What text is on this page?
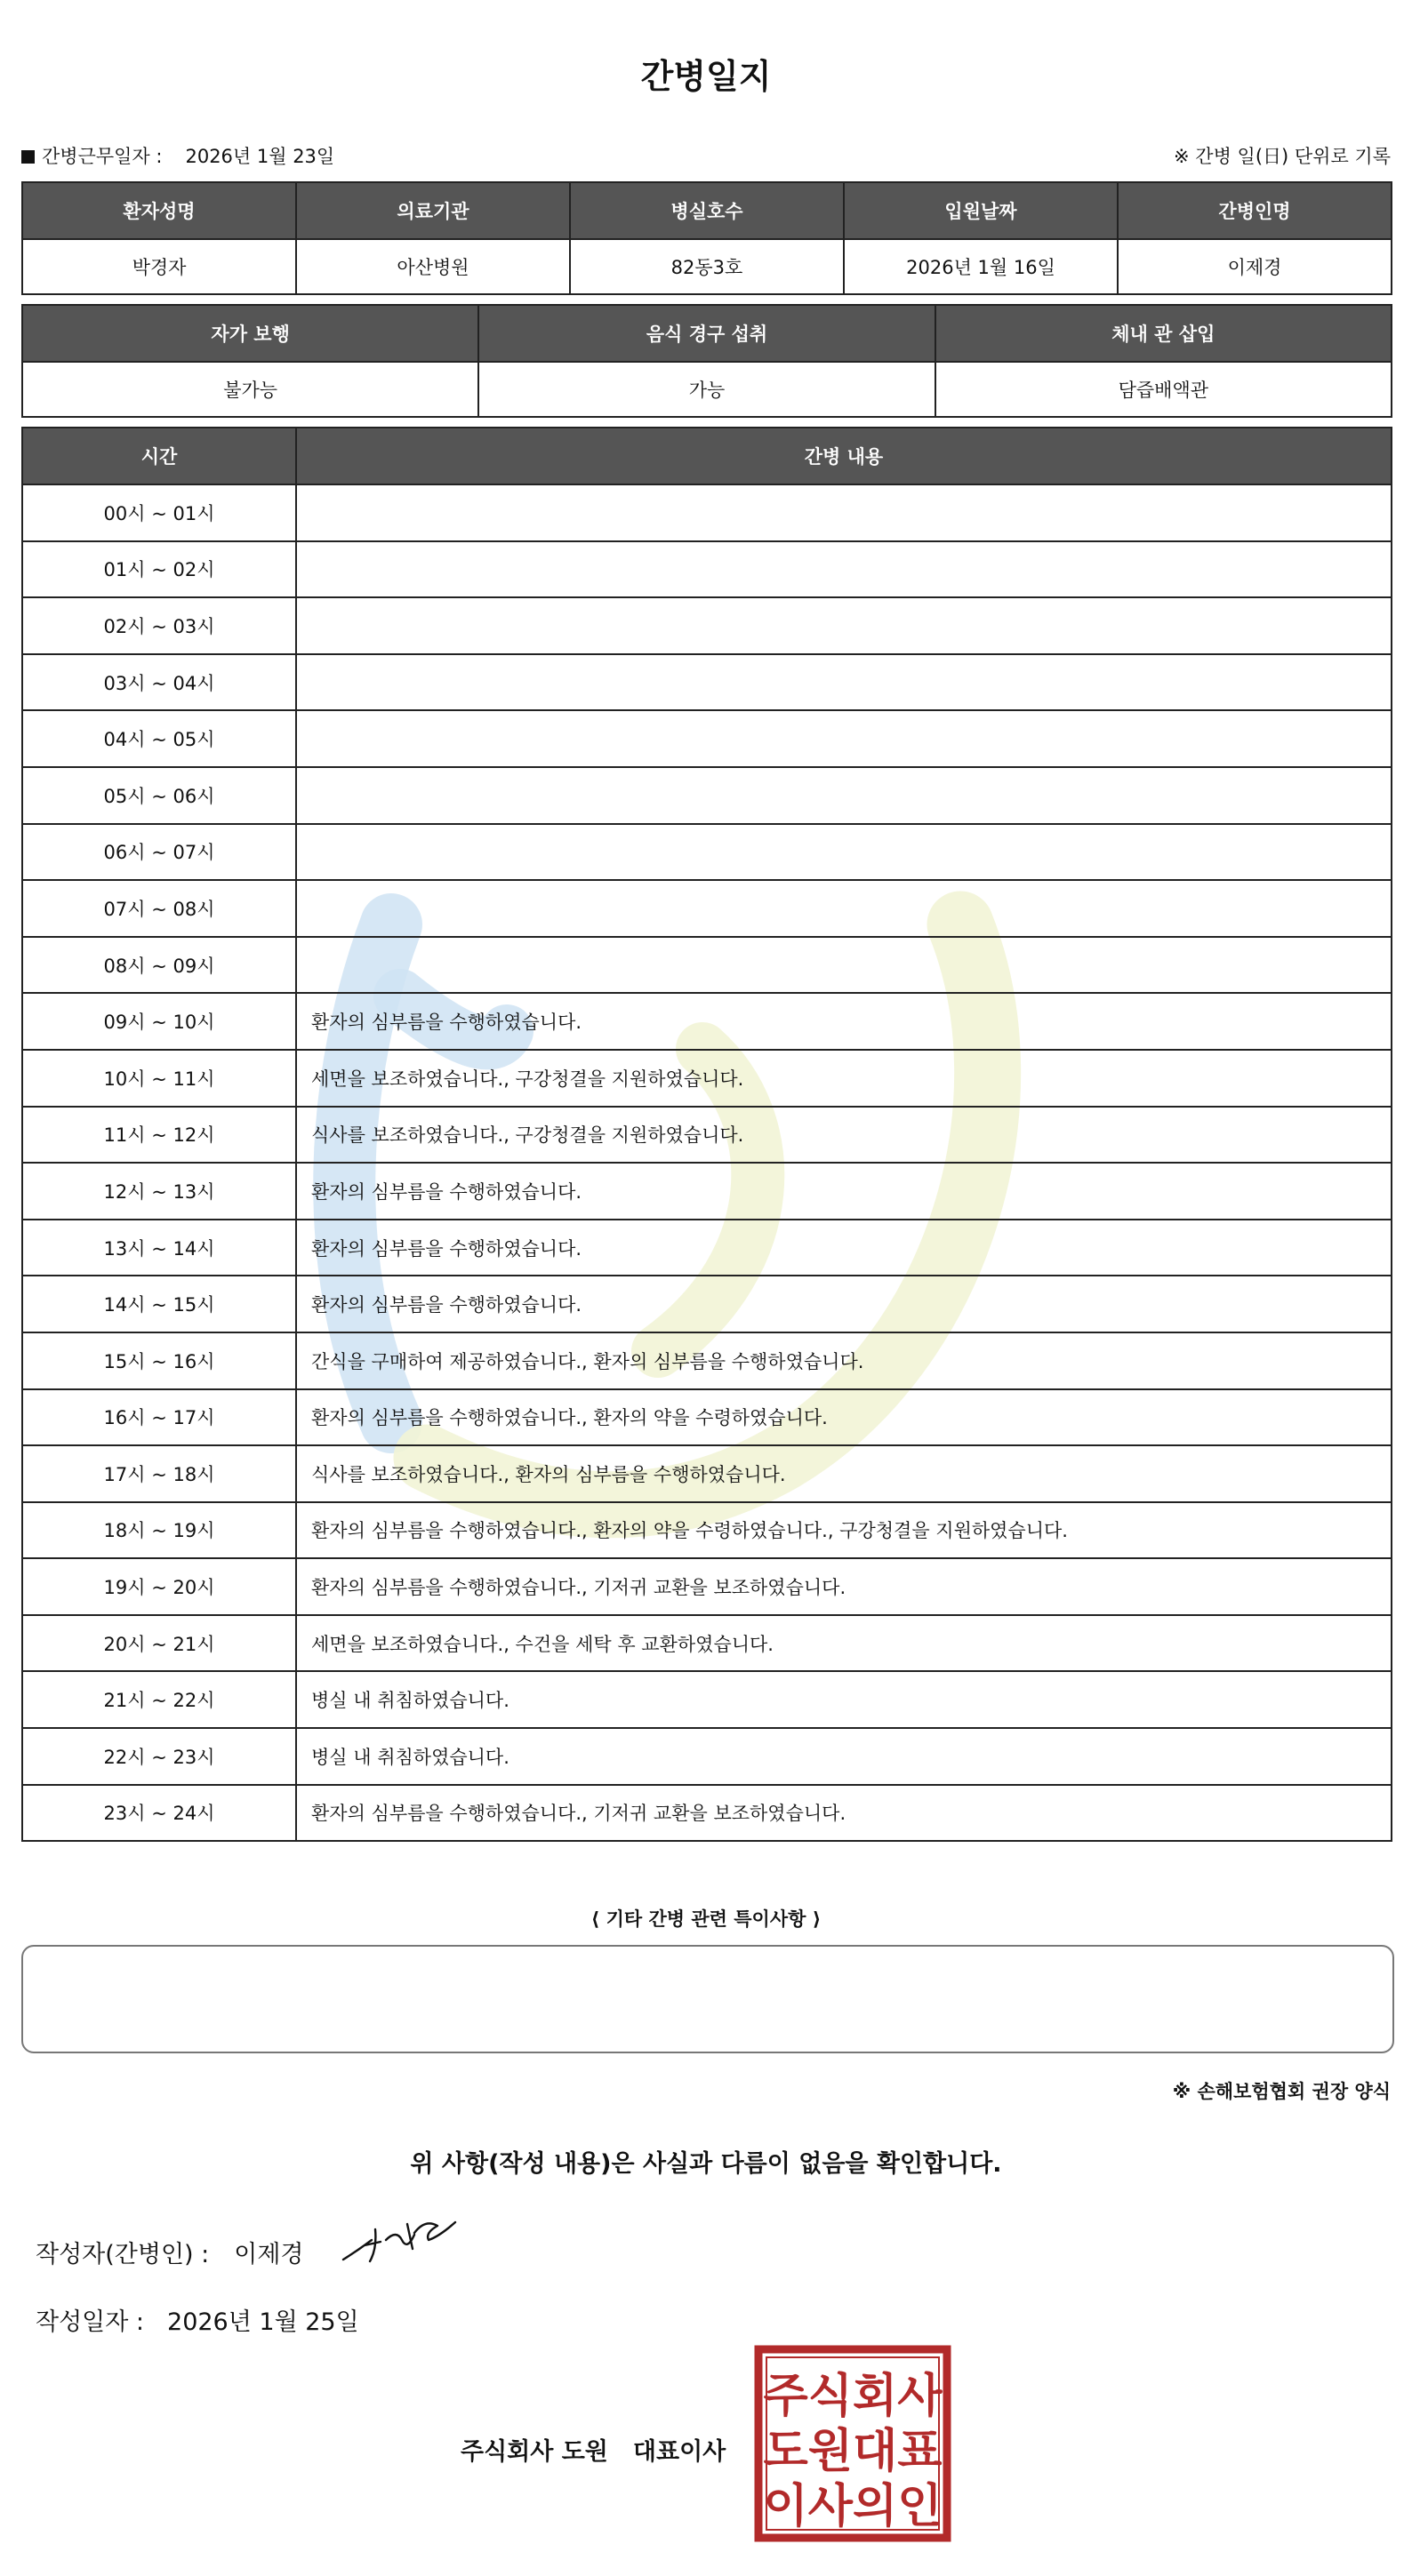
간병일지
간병근무일자 : 2026년 1월 23일	※ 간병 일(日) 단위로 기록
환자성명	의료기관	병실호수	입원날짜	간병인명
박경자	아산병원	82동3호	2026년 1월 16일	이제경
자가 보행	음식 경구 섭취	체내 관 삽입
불가능	가능	담즙배액관
시간	간병 내용
00시 ~ 01시	
01시 ~ 02시	
02시 ~ 03시	
03시 ~ 04시	
04시 ~ 05시	
05시 ~ 06시	
06시 ~ 07시	
07시 ~ 08시	
08시 ~ 09시	
09시 ~ 10시	환자의 심부름을 수행하였습니다.
10시 ~ 11시	세면을 보조하였습니다., 구강청결을 지원하였습니다.
11시 ~ 12시	식사를 보조하였습니다., 구강청결을 지원하였습니다.
12시 ~ 13시	환자의 심부름을 수행하였습니다.
13시 ~ 14시	환자의 심부름을 수행하였습니다.
14시 ~ 15시	환자의 심부름을 수행하였습니다.
15시 ~ 16시	간식을 구매하여 제공하였습니다., 환자의 심부름을 수행하였습니다.
16시 ~ 17시	환자의 심부름을 수행하였습니다., 환자의 약을 수령하였습니다.
17시 ~ 18시	식사를 보조하였습니다., 환자의 심부름을 수행하였습니다.
18시 ~ 19시	환자의 심부름을 수행하였습니다., 환자의 약을 수령하였습니다., 구강청결을 지원하였습니다.
19시 ~ 20시	환자의 심부름을 수행하였습니다., 기저귀 교환을 보조하였습니다.
20시 ~ 21시	세면을 보조하였습니다., 수건을 세탁 후 교환하였습니다.
21시 ~ 22시	병실 내 취침하였습니다.
22시 ~ 23시	병실 내 취침하였습니다.
23시 ~ 24시	환자의 심부름을 수행하였습니다., 기저귀 교환을 보조하였습니다.
⟨ 기타 간병 관련 특이사항 ⟩
※ 손해보험협회 권장 양식
위 사항(작성 내용)은 사실과 다름이 없음을 확인합니다.
작성자(간병인) : 이제경
작성일자 : 2026년 1월 25일
주식회사 도원 대표이사
주식회사
도원대표
이사의인
